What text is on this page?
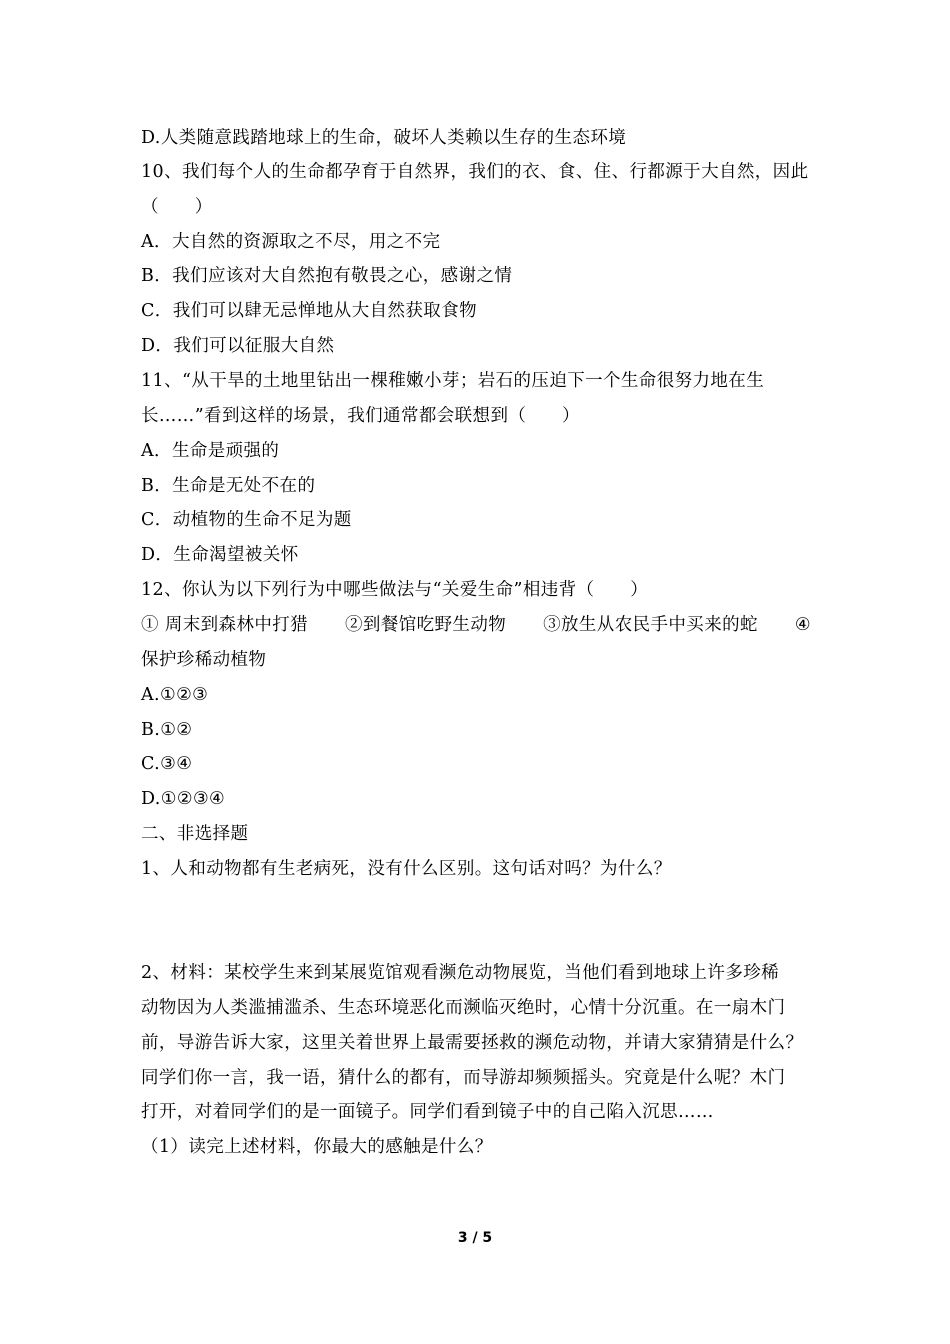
D.人类随意践踏地球上的生命，破坏人类赖以生存的生态环境
10、我们每个人的生命都孕育于自然界，我们的衣、食、住、行都源于大自然，因此
（　　）
A．大自然的资源取之不尽，用之不完
B．我们应该对大自然抱有敬畏之心，感谢之情
C．我们可以肆无忌惮地从大自然获取食物
D．我们可以征服大自然
11、“从干旱的土地里钻出一棵稚嫩小芽；岩石的压迫下一个生命很努力地在生
长……”看到这样的场景，我们通常都会联想到（　　）
A．生命是顽强的
B．生命是无处不在的
C．动植物的生命不足为题
D．生命渴望被关怀
12、你认为以下列行为中哪些做法与“关爱生命”相违背（　　）
① 周末到森林中打猎 ②到餐馆吃野生动物 ③放生从农民手中买来的蛇 ④
保护珍稀动植物
A.①②③
B.①②
C.③④
D.①②③④
二、非选择题
1、人和动物都有生老病死，没有什么区别。这句话对吗？为什么？
2、材料：某校学生来到某展览馆观看濒危动物展览，当他们看到地球上许多珍稀
动物因为人类滥捕滥杀、生态环境恶化而濒临灭绝时，心情十分沉重。在一扇木门
前，导游告诉大家，这里关着世界上最需要拯救的濒危动物，并请大家猜猜是什么？
同学们你一言，我一语，猜什么的都有，而导游却频频摇头。究竟是什么呢？木门
打开，对着同学们的是一面镜子。同学们看到镜子中的自己陷入沉思……
（1）读完上述材料，你最大的感触是什么？
3 / 5
